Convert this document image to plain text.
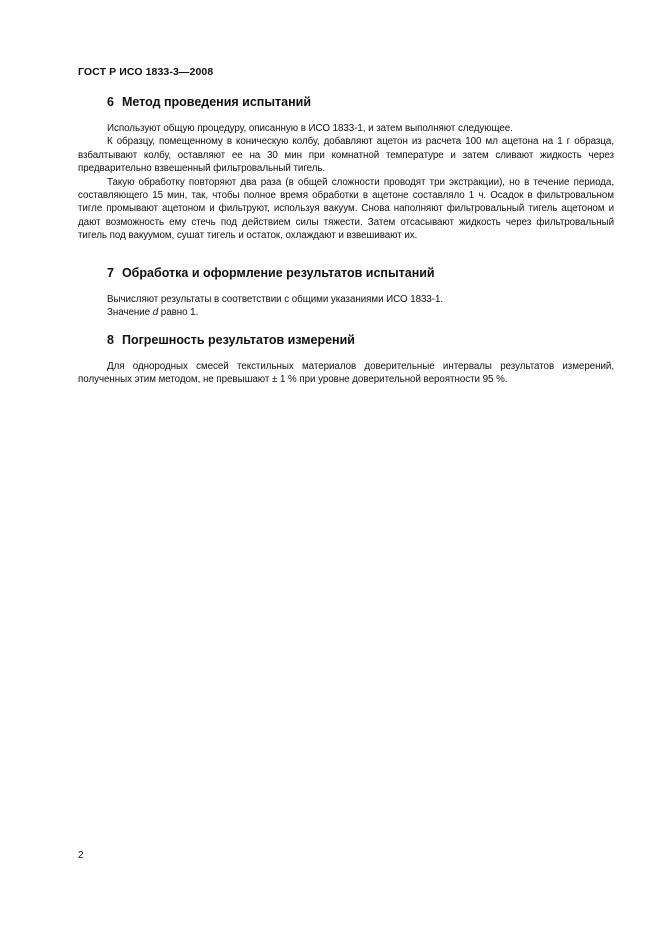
ГОСТ Р ИСО 1833-3—2008
6 Метод проведения испытаний

Используют общую процедуру, описанную в ИСО 1833-1, и затем выполняют следующее.

К образцу, помещенному в коническую колбу, добавляют ацетон из расчета 100 мл ацетона на 1 г образца, взбалтывают колбу, оставляют ее на 30 мин при комнатной температуре и затем сливают жидкость через предварительно взвешенный фильтровальный тигель.

Такую обработку повторяют два раза (в общей сложности проводят три экстракции), но в течение периода, составляющего 15 мин, так, чтобы полное время обработки в ацетоне составляло 1 ч. Осадок в фильтровальном тигле промывают ацетоном и фильтруют, используя вакуум. Снова наполняют фильтровальный тигель ацетоном и дают возможность ему стечь под действием силы тяжести. Затем отсасывают жидкость через фильтровальный тигель под вакуумом, сушат тигель и остаток, охлаждают и взвешивают их.

7 Обработка и оформление результатов испытаний

Вычисляют результаты в соответствии с общими указаниями ИСО 1833-1.

Значение d равно 1.

8 Погрешность результатов измерений

Для однородных смесей текстильных материалов доверительные интервалы результатов измерений, полученных этим методом, не превышают ± 1 % при уровне доверительной вероятности 95 %.

2
